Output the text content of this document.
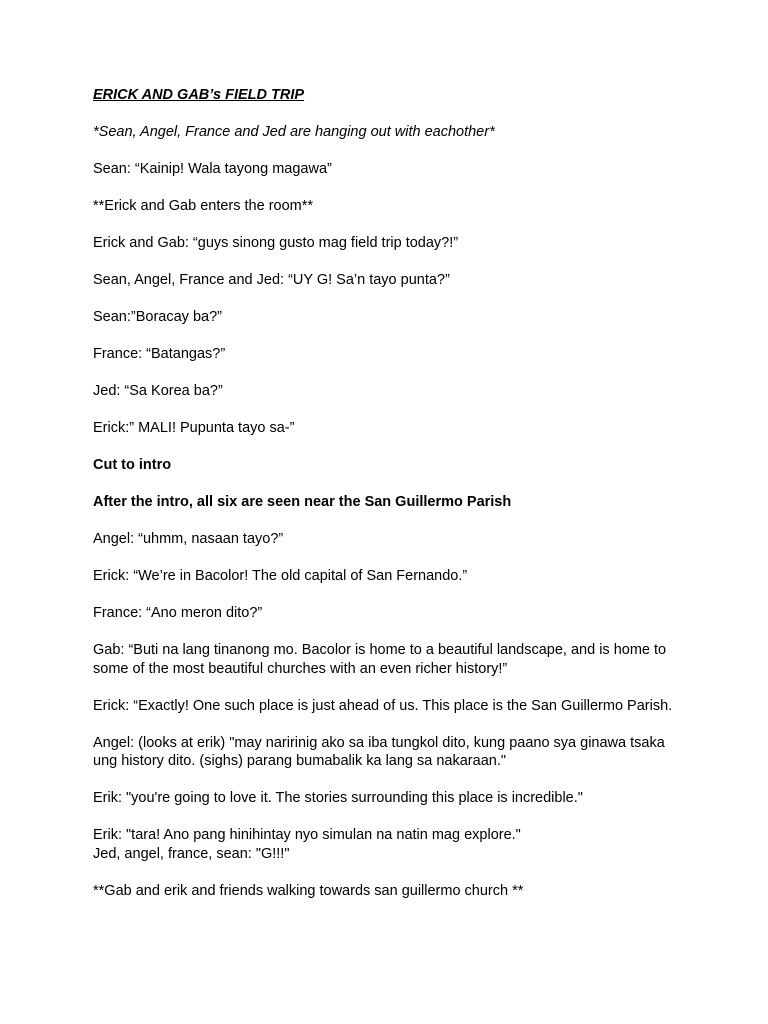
ERICK AND GAB’s FIELD TRIP

*Sean, Angel, France and Jed are hanging out with eachother*

Sean: “Kainip! Wala tayong magawa”

**Erick and Gab enters the room**

Erick and Gab: “guys sinong gusto mag field trip today?!”

Sean, Angel, France and Jed: “UY G! Sa’n tayo punta?”

Sean:”Boracay ba?”

France: “Batangas?”

Jed: “Sa Korea ba?”

Erick:” MALI! Pupunta tayo sa-”

Cut to intro

After the intro, all six are seen near the San Guillermo Parish

Angel: “uhmm, nasaan tayo?”

Erick: “We’re in Bacolor! The old capital of San Fernando.”

France: “Ano meron dito?”

Gab: “Buti na lang tinanong mo. Bacolor is home to a beautiful landscape, and is home to some of the most beautiful churches with an even richer history!”

Erick: “Exactly! One such place is just ahead of us. This place is the San Guillermo Parish.

Angel: (looks at erik) "may naririnig ako sa iba tungkol dito, kung paano sya ginawa tsaka ung history dito. (sighs) parang bumabalik ka lang sa nakaraan."

Erik: "you're going to love it. The stories surrounding this place is incredible."

Erik: "tara! Ano pang hinihintay nyo simulan na natin mag explore."

Jed, angel, france, sean: "G!!!"

**Gab and erik and friends walking towards san guillermo church **
